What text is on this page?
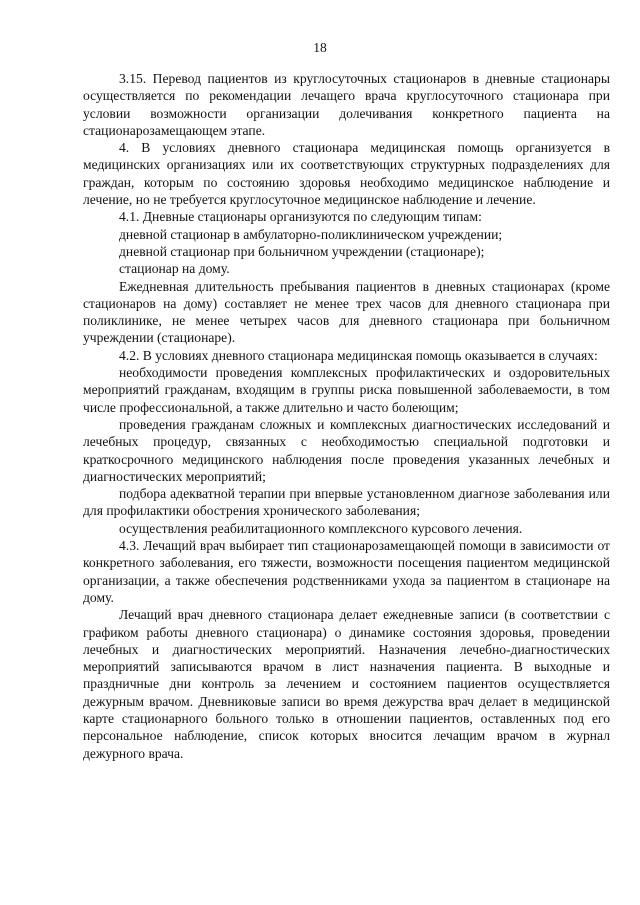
18

3.15. Перевод пациентов из круглосуточных стационаров в дневные стационары осуществляется по рекомендации лечащего врача круглосуточного стационара при условии возможности организации долечивания конкретного пациента на стационарозамещающем этапе.

4. В условиях дневного стационара медицинская помощь организуется в медицинских организациях или их соответствующих структурных подразделениях для граждан, которым по состоянию здоровья необходимо медицинское наблюдение и лечение, но не требуется круглосуточное медицинское наблюдение и лечение.

4.1. Дневные стационары организуются по следующим типам:

дневной стационар в амбулаторно-поликлиническом учреждении;

дневной стационар при больничном учреждении (стационаре);

стационар на дому.

Ежедневная длительность пребывания пациентов в дневных стационарах (кроме стационаров на дому) составляет не менее трех часов для дневного стационара при поликлинике, не менее четырех часов для дневного стационара при больничном учреждении (стационаре).

4.2. В условиях дневного стационара медицинская помощь оказывается в случаях:

необходимости проведения комплексных профилактических и оздоровительных мероприятий гражданам, входящим в группы риска повышенной заболеваемости, в том числе профессиональной, а также длительно и часто болеющим;

проведения гражданам сложных и комплексных диагностических исследований и лечебных процедур, связанных с необходимостью специальной подготовки и краткосрочного медицинского наблюдения после проведения указанных лечебных и диагностических мероприятий;

подбора адекватной терапии при впервые установленном диагнозе заболевания или для профилактики обострения хронического заболевания;

осуществления реабилитационного комплексного курсового лечения.

4.3. Лечащий врач выбирает тип стационарозамещающей помощи в зависимости от конкретного заболевания, его тяжести, возможности посещения пациентом медицинской организации, а также обеспечения родственниками ухода за пациентом в стационаре на дому.

Лечащий врач дневного стационара делает ежедневные записи (в соответствии с графиком работы дневного стационара) о динамике состояния здоровья, проведении лечебных и диагностических мероприятий. Назначения лечебно-диагностических мероприятий записываются врачом в лист назначения пациента. В выходные и праздничные дни контроль за лечением и состоянием пациентов осуществляется дежурным врачом. Дневниковые записи во время дежурства врач делает в медицинской карте стационарного больного только в отношении пациентов, оставленных под его персональное наблюдение, список которых вносится лечащим врачом в журнал дежурного врача.
